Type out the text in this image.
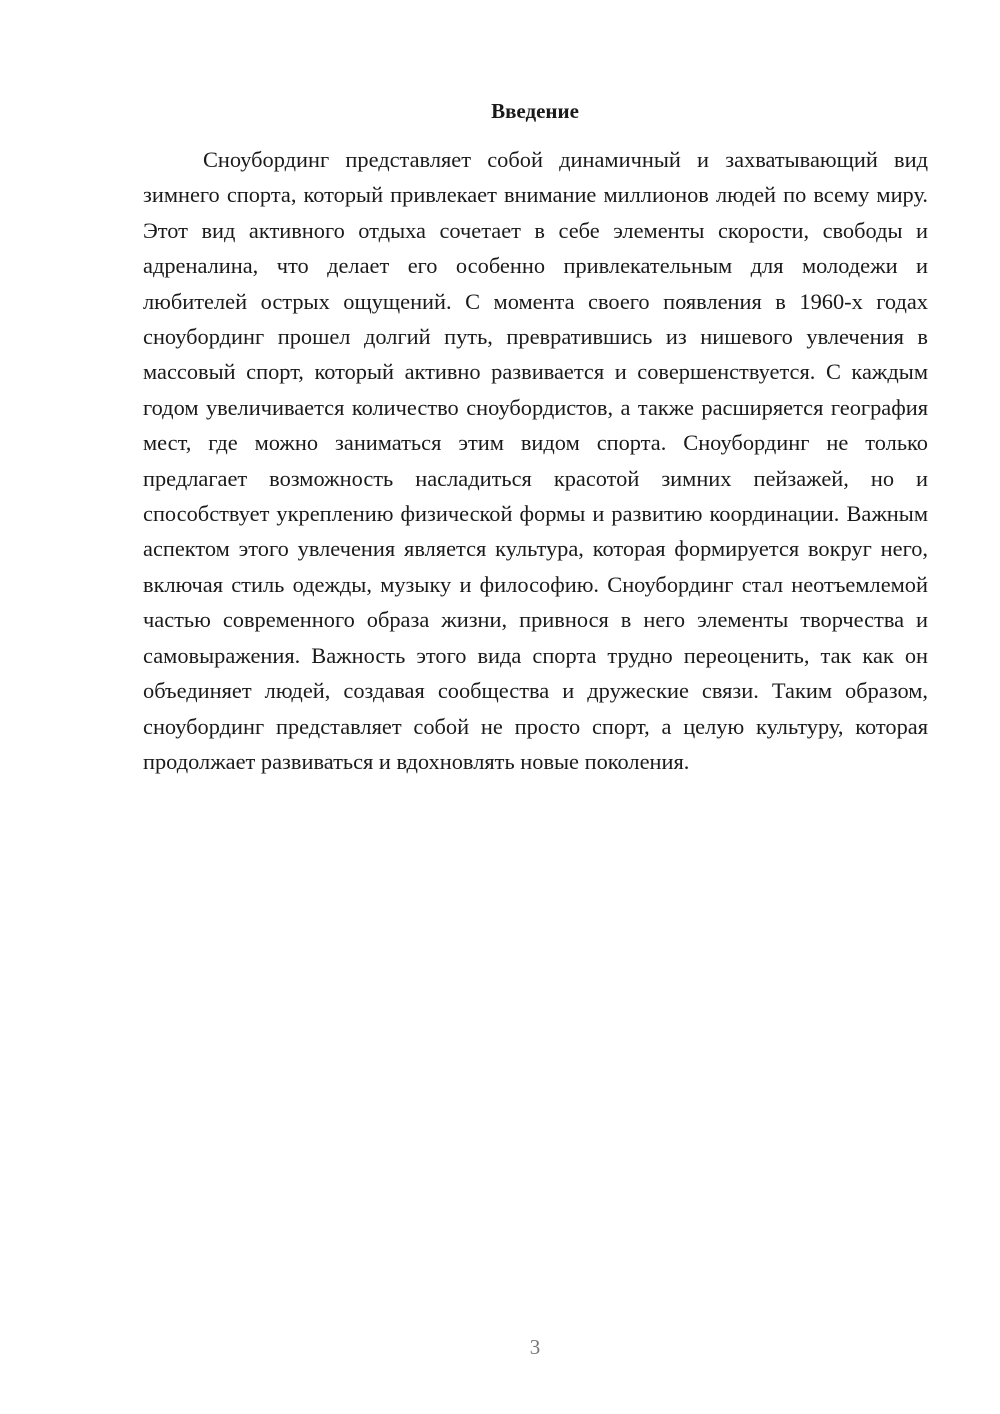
Введение

Сноубординг представляет собой динамичный и захватывающий вид зимнего спорта, который привлекает внимание миллионов людей по всему миру. Этот вид активного отдыха сочетает в себе элементы скорости, свободы и адреналина, что делает его особенно привлекательным для молодежи и любителей острых ощущений. С момента своего появления в 1960-х годах сноубординг прошел долгий путь, превратившись из нишевого увлечения в массовый спорт, который активно развивается и совершенствуется. С каждым годом увеличивается количество сноубордистов, а также расширяется география мест, где можно заниматься этим видом спорта. Сноубординг не только предлагает возможность насладиться красотой зимних пейзажей, но и способствует укреплению физической формы и развитию координации. Важным аспектом этого увлечения является культура, которая формируется вокруг него, включая стиль одежды, музыку и философию. Сноубординг стал неотъемлемой частью современного образа жизни, привнося в него элементы творчества и самовыражения. Важность этого вида спорта трудно переоценить, так как он объединяет людей, создавая сообщества и дружеские связи. Таким образом, сноубординг представляет собой не просто спорт, а целую культуру, которая продолжает развиваться и вдохновлять новые поколения.

3
